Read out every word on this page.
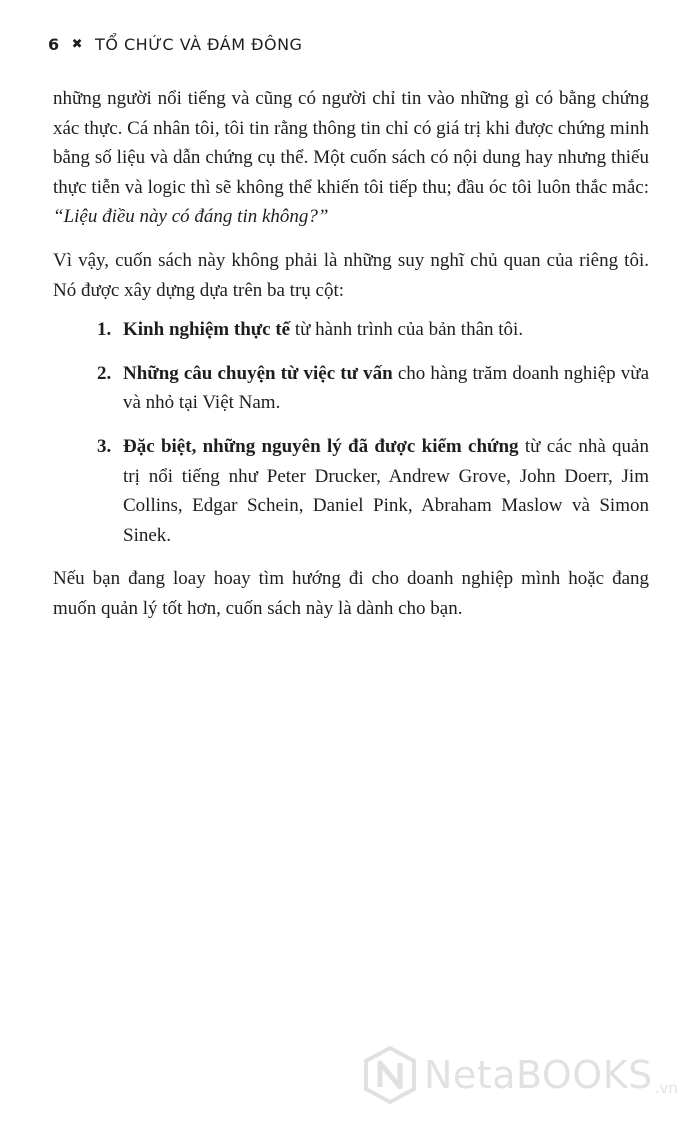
6 ✖ TỔ CHỨC VÀ ĐÁM ĐÔNG

những người nổi tiếng và cũng có người chỉ tin vào những gì có bằng chứng xác thực. Cá nhân tôi, tôi tin rằng thông tin chỉ có giá trị khi được chứng minh bằng số liệu và dẫn chứng cụ thể. Một cuốn sách có nội dung hay nhưng thiếu thực tiễn và logic thì sẽ không thể khiến tôi tiếp thu; đầu óc tôi luôn thắc mắc: “Liệu điều này có đáng tin không?”

Vì vậy, cuốn sách này không phải là những suy nghĩ chủ quan của riêng tôi. Nó được xây dựng dựa trên ba trụ cột:

1. Kinh nghiệm thực tế từ hành trình của bản thân tôi.
2. Những câu chuyện từ việc tư vấn cho hàng trăm doanh nghiệp vừa và nhỏ tại Việt Nam.
3. Đặc biệt, những nguyên lý đã được kiểm chứng từ các nhà quản trị nổi tiếng như Peter Drucker, Andrew Grove, John Doerr, Jim Collins, Edgar Schein, Daniel Pink, Abraham Maslow và Simon Sinek.

Nếu bạn đang loay hoay tìm hướng đi cho doanh nghiệp mình hoặc đang muốn quản lý tốt hơn, cuốn sách này là dành cho bạn.

NetaBOOKS .vn
